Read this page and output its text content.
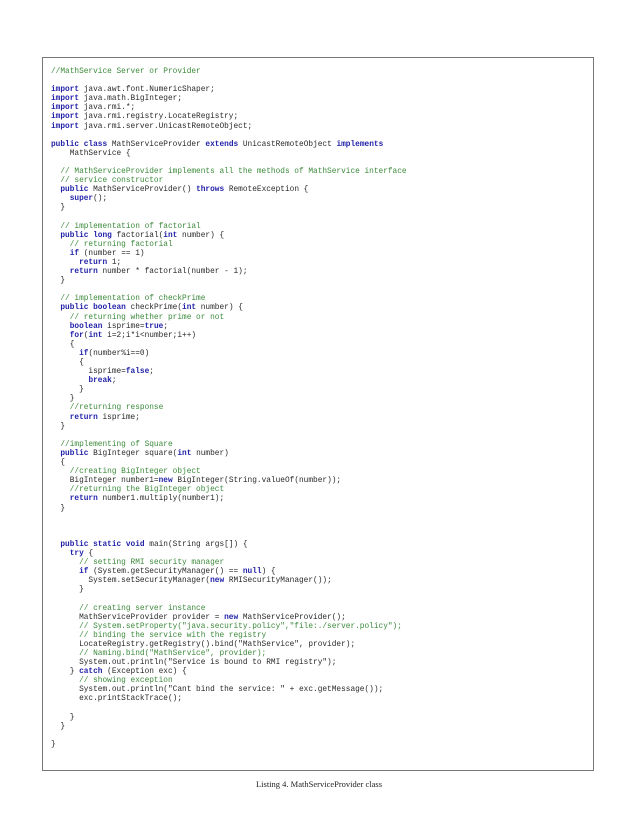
//MathService Server or Provider

import java.awt.font.NumericShaper;
import java.math.BigInteger;
import java.rmi.*;
import java.rmi.registry.LocateRegistry;
import java.rmi.server.UnicastRemoteObject;

public class MathServiceProvider extends UnicastRemoteObject implements
MathService {

// MathServiceProvider implements all the methods of MathService interface
// service constructor
public MathServiceProvider() throws RemoteException {
super();
}

// implementation of factorial
public long factorial(int number) {
// returning factorial
if (number == 1)
return 1;
return number * factorial(number - 1);
}

// implementation of checkPrime
public boolean checkPrime(int number) {
// returning whether prime or not
boolean isprime=true;
for(int i=2;i*i<number;i++)
{
if(number%i==0)
{
isprime=false;
break;
}
}
//returning response
return isprime;
}

//implementing of Square
public BigInteger square(int number)
{
//creating BigInteger object
BigInteger number1=new BigInteger(String.valueOf(number));
//returning the BigInteger object
return number1.multiply(number1);
}

public static void main(String args[]) {
try {
// setting RMI security manager
if (System.getSecurityManager() == null) {
System.setSecurityManager(new RMISecurityManager());
}

// creating server instance
MathServiceProvider provider = new MathServiceProvider();
// System.setProperty("java.security.policy","file:./server.policy");
// binding the service with the registry
LocateRegistry.getRegistry().bind("MathService", provider);
// Naming.bind("MathService", provider);
System.out.println("Service is bound to RMI registry");
} catch (Exception exc) {
// showing exception
System.out.println("Cant bind the service: " + exc.getMessage());
exc.printStackTrace();

}
}

}
Listing 4. MathServiceProvider class
